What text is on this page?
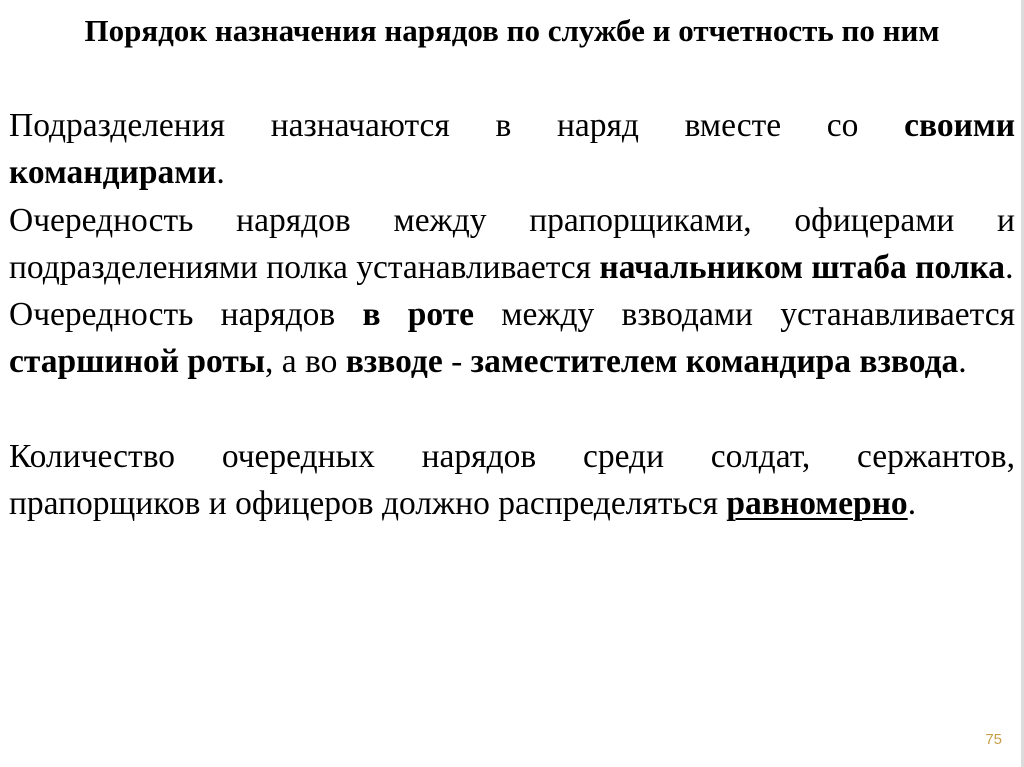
Порядок назначения нарядов по службе и отчетность по ним

Подразделения назначаются в наряд вместе со своими командирами.

Очередность нарядов между прапорщиками, офицерами и подразделениями полка устанавливается начальником штаба полка.

Очередность нарядов в роте между взводами устанавливается старшиной роты, а во взводе - заместителем командира взвода.

Количество очередных нарядов среди солдат, сержантов, прапорщиков и офицеров должно распределяться равномерно.

75
